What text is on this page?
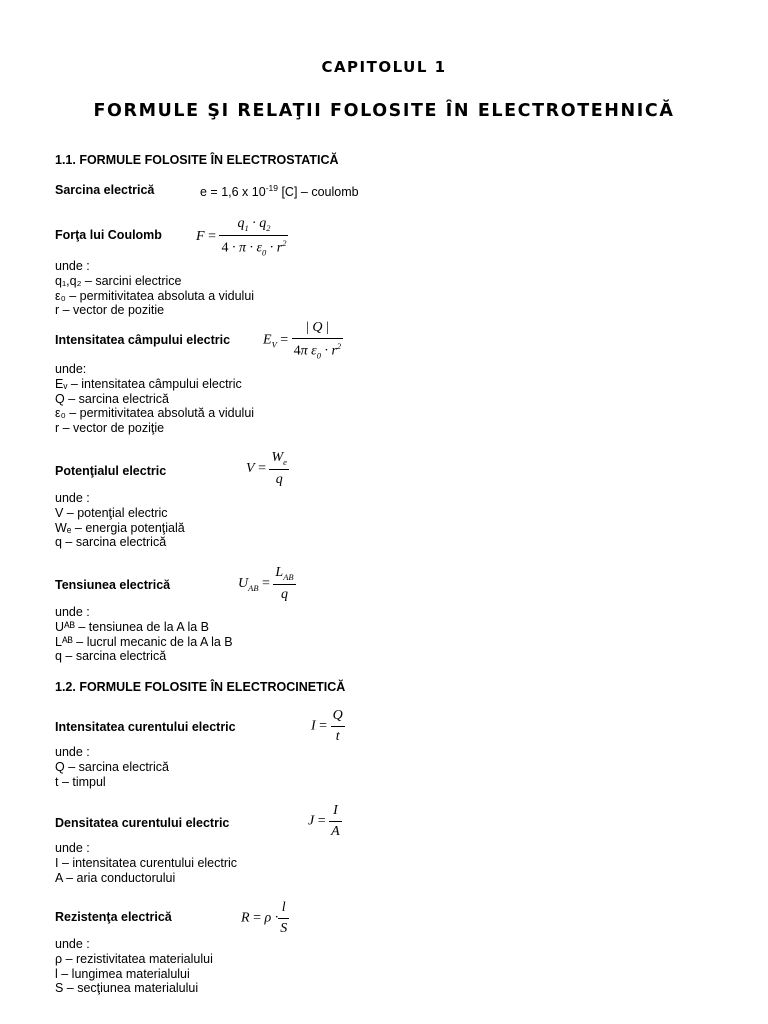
CAPITOLUL 1
FORMULE ŞI RELAŢII FOLOSITE ÎN ELECTROTEHNICĂ
1.1. FORMULE FOLOSITE ÎN ELECTROSTATICĂ
Sarcina electrică	e = 1,6 x $10^{-19}$ [C] – coulomb
Forţa lui Coulomb $F = \frac{q_1 \cdot q_2}{4 \cdot \pi \cdot \varepsilon_0 \cdot r^2}$
unde :
q₁,q₂ – sarcini electrice
ε₀ – permitivitatea absoluta a vidului
r – vector de pozitie
Intensitatea câmpului electric $E_V = \frac{| Q |}{4\pi \varepsilon_0 \cdot r^2}$
unde:
Eᵥ – intensitatea câmpului electric
Q – sarcina electrică
ε₀ – permitivitatea absolută a vidului
r – vector de poziţie
Potenţialul electric	$V = \frac{W_e}{q}$
unde :
V – potenţial electric
Wₑ – energia potenţială
q – sarcina electrică
Tensiunea electrică	$U_{AB} = \frac{L_{AB}}{q}$
unde :
Uᴬᴮ – tensiunea de la A la B
Lᴬᴮ – lucrul mecanic de la A la B
q – sarcina electrică
1.2. FORMULE FOLOSITE ÎN ELECTROCINETICĂ
Intensitatea curentului electric	$I = \frac{Q}{t}$
unde :
Q – sarcina electrică
t – timpul
Densitatea curentului electric	$J = \frac{I}{A}$
unde :
I – intensitatea curentului electric
A – aria conductorului
Rezistenţa electrică	$R = \rho \cdot \frac{l}{S}$
unde :
ρ – rezistivitatea materialului
l – lungimea materialului
S – secţiunea materialului
